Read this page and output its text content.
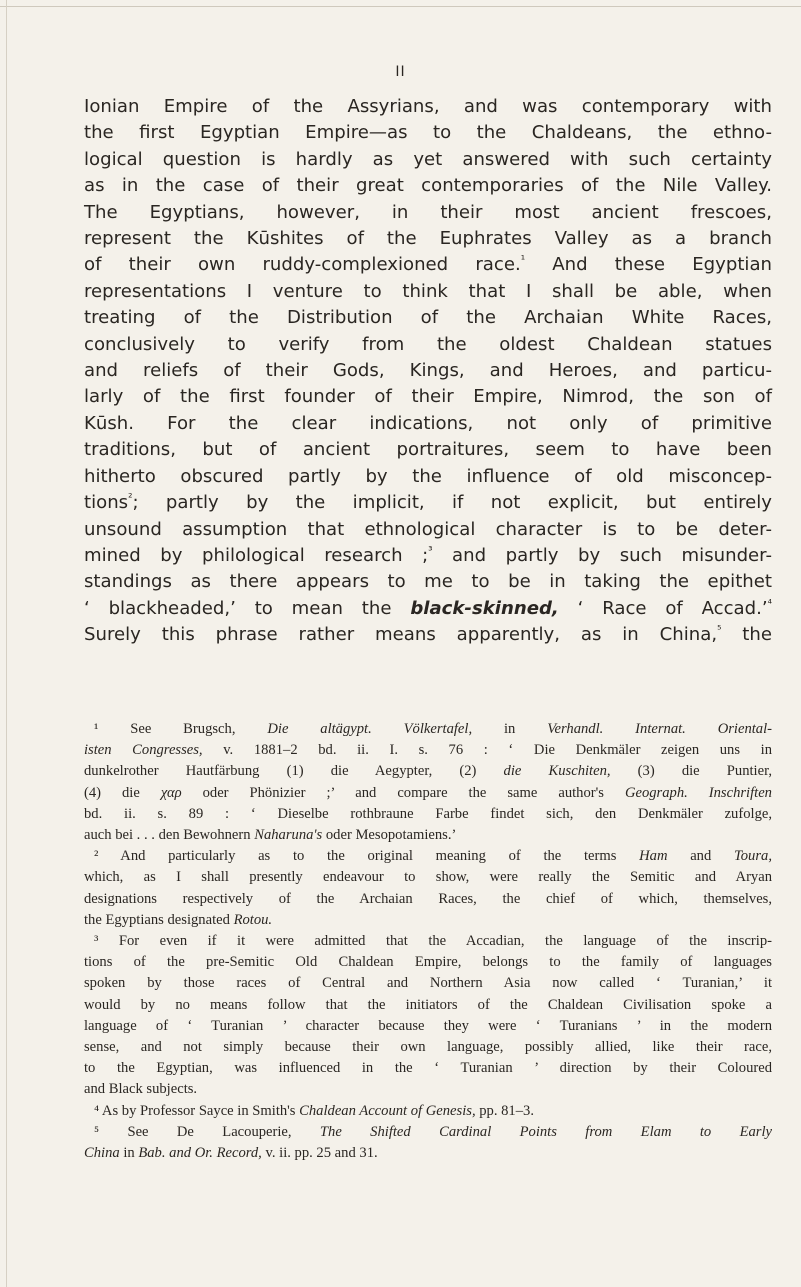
II
Ionian Empire of the Assyrians, and was contemporary with
the first Egyptian Empire—as to the Chaldeans, the ethno-
logical question is hardly as yet answered with such certainty
as in the case of their great contemporaries of the Nile Valley.
The Egyptians, however, in their most ancient frescoes,
represent the Kūshites of the Euphrates Valley as a branch
of their own ruddy-complexioned race.$^{^1}$ And these Egyptian
representations I venture to think that I shall be able, when
treating of the Distribution of the Archaian White Races,
conclusively to verify from the oldest Chaldean statues
and reliefs of their Gods, Kings, and Heroes, and particu-
larly of the first founder of their Empire, Nimrod, the son of
Kūsh. For the clear indications, not only of primitive
traditions, but of ancient portraitures, seem to have been
hitherto obscured partly by the influence of old misconcep-
tions$^{^2}$; partly by the implicit, if not explicit, but entirely
unsound assumption that ethnological character is to be deter-
mined by philological research ;$^{^3}$ and partly by such misunder-
standings as there appears to me to be in taking the epithet
‘ blackheaded,’ to mean the black-skinned, ‘ Race of Accad.’$^{^4}$
Surely this phrase rather means apparently, as in China,$^{^5}$ the
¹ See Brugsch, Die altägypt. Völkertafel, in Verhandl. Internat. Oriental-
isten Congresses, v. 1881–2 bd. ii. I. s. 76 : ‘ Die Denkmäler zeigen uns in
dunkelrother Hautfärbung (1) die Aegypter, (2) die Kuschiten, (3) die Puntier,
(4) die χαρ oder Phönizier ;’ and compare the same author's Geograph. Inschriften
bd. ii. s. 89 : ‘ Dieselbe rothbraune Farbe findet sich, den Denkmäler zufolge,
auch bei . . . den Bewohnern Naharuna's oder Mesopotamiens.’
² And particularly as to the original meaning of the terms Ham and Toura,
which, as I shall presently endeavour to show, were really the Semitic and Aryan
designations respectively of the Archaian Races, the chief of which, themselves,
the Egyptians designated Rotou.
³ For even if it were admitted that the Accadian, the language of the inscrip-
tions of the pre-Semitic Old Chaldean Empire, belongs to the family of languages
spoken by those races of Central and Northern Asia now called ‘ Turanian,’ it
would by no means follow that the initiators of the Chaldean Civilisation spoke a
language of ‘ Turanian ’ character because they were ‘ Turanians ’ in the modern
sense, and not simply because their own language, possibly allied, like their race,
to the Egyptian, was influenced in the ‘ Turanian ’ direction by their Coloured
and Black subjects.
⁴ As by Professor Sayce in Smith's Chaldean Account of Genesis, pp. 81–3.
⁵ See De Lacouperie, The Shifted Cardinal Points from Elam to Early
China in Bab. and Or. Record, v. ii. pp. 25 and 31.
